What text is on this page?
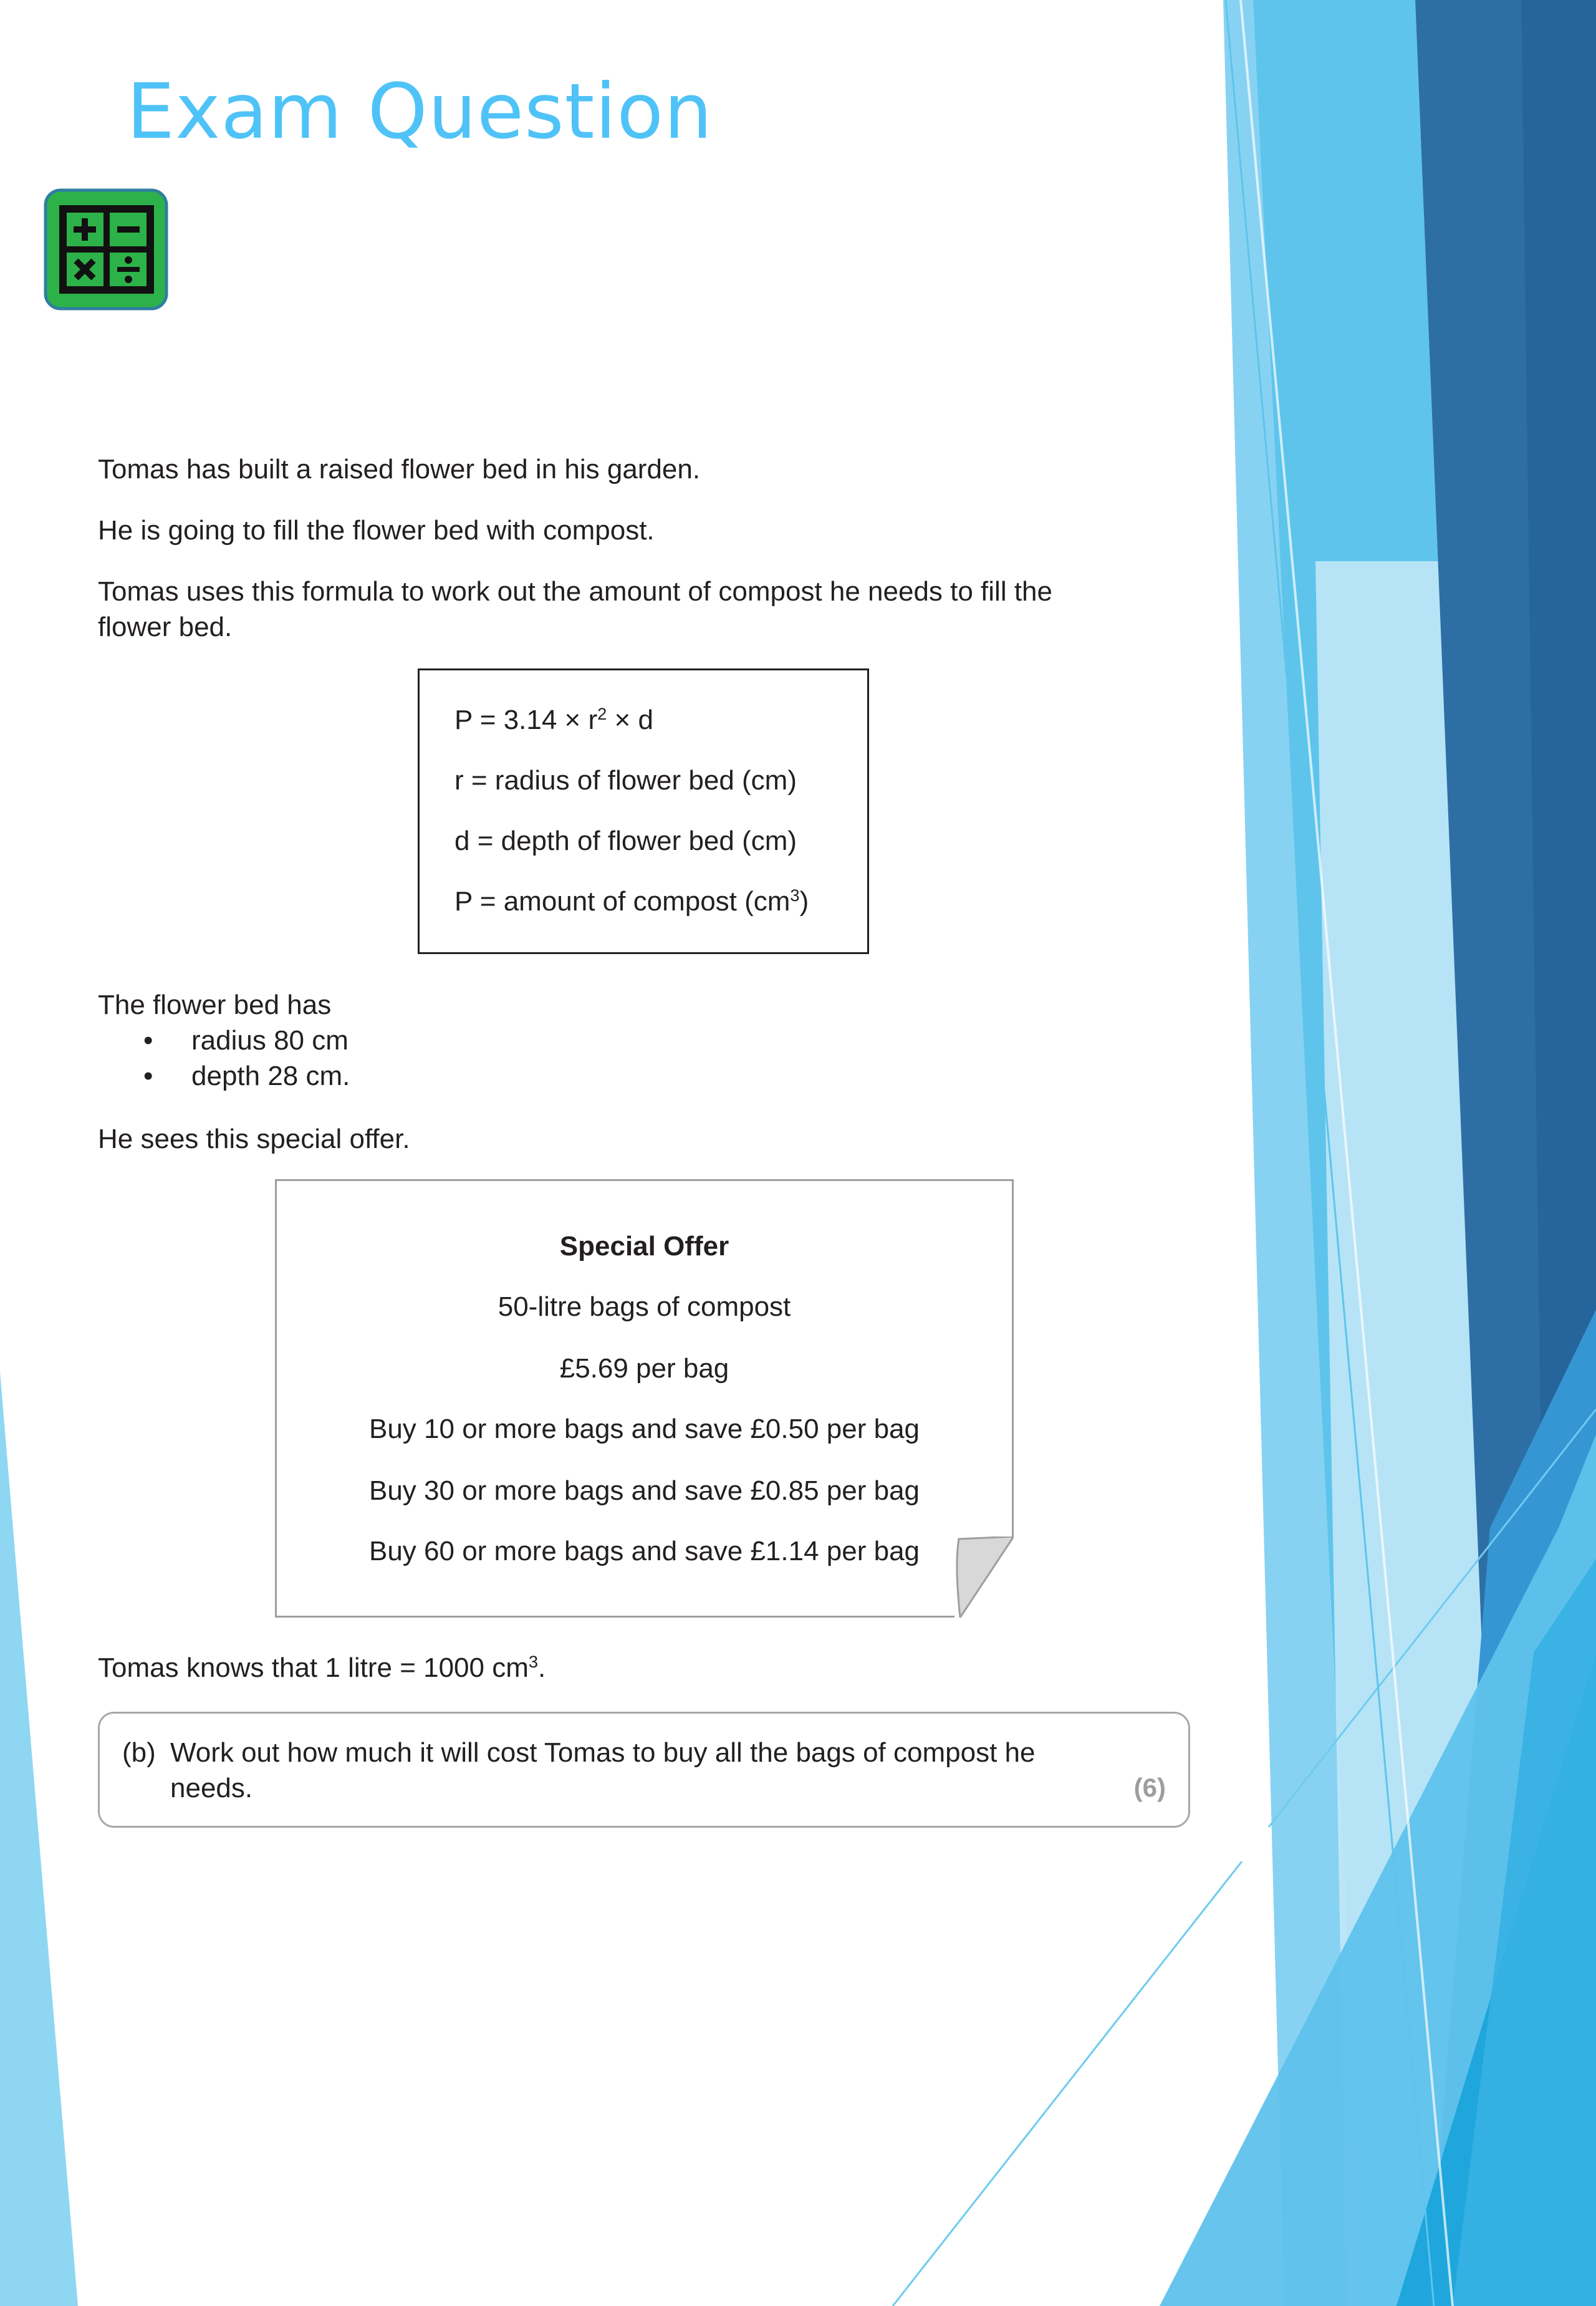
Exam Question
Tomas has built a raised flower bed in his garden.
He is going to fill the flower bed with compost.
Tomas uses this formula to work out the amount of compost he needs to fill the
flower bed.
$P = 3.14 \times r^2 \times d$
r = radius of flower bed (cm)
d = depth of flower bed (cm)
P = amount of compost $(cm^3)$
The flower bed has
• radius 80 cm
• depth 28 cm.
He sees this special offer.
Special Offer
50-litre bags of compost
£5.69 per bag
Buy 10 or more bags and save £0.50 per bag
Buy 30 or more bags and save £0.85 per bag
Buy 60 or more bags and save £1.14 per bag
Tomas knows that 1 litre = 1000 $cm^3$.
(b) Work out how much it will cost Tomas to buy all the bags of compost he
needs.	(6)
